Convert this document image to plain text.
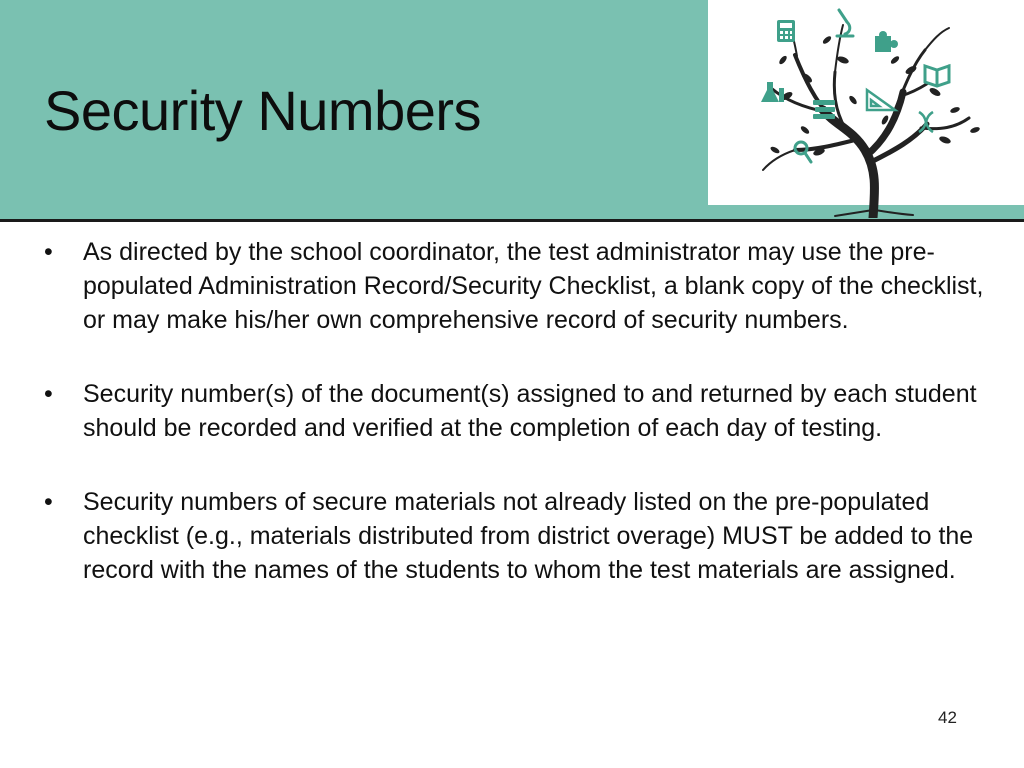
Security Numbers
• As directed by the school coordinator, the test administrator may use the pre-populated Administration Record/Security Checklist, a blank copy of the checklist, or may make his/her own comprehensive record of security numbers.
• Security number(s) of the document(s) assigned to and returned by each student should be recorded and verified at the completion of each day of testing.
• Security numbers of secure materials not already listed on the pre-populated checklist (e.g., materials distributed from district overage) MUST be added to the record with the names of the students to whom the test materials are assigned.
42
